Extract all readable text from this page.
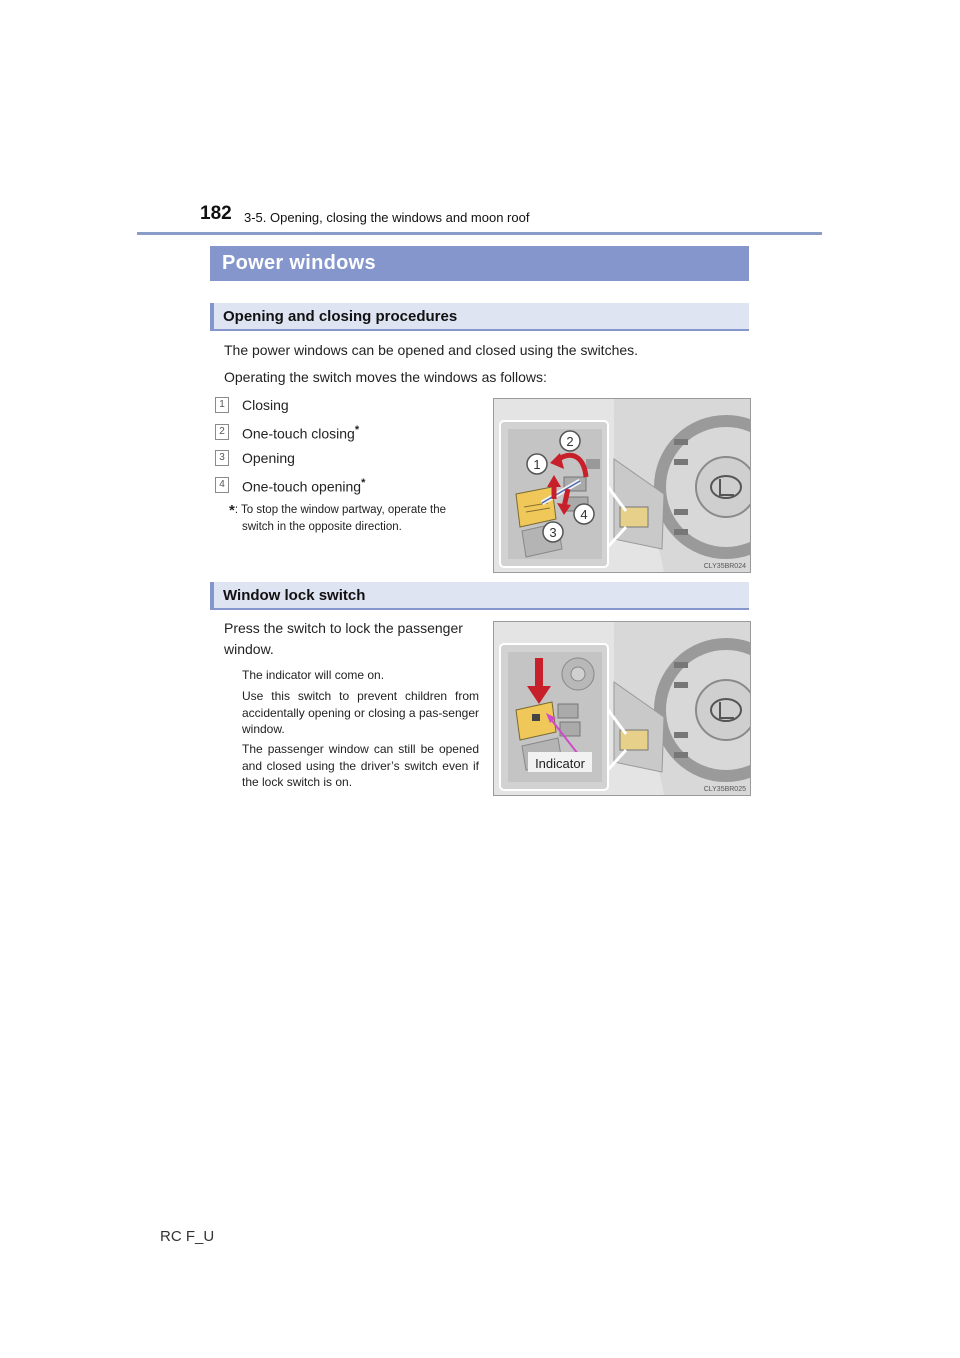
182 3-5. Opening, closing the windows and moon roof
Power windows
Opening and closing procedures
The power windows can be opened and closed using the switches.
Operating the switch moves the windows as follows:
1	Closing
2	One-touch closing*
3	Opening
4	One-touch opening*
*: To stop the window partway, operate the
switch in the opposite direction.
2
1
3
4
CLY35BR024
Window lock switch
Press the switch to lock the passenger
window.
The indicator will come on.
Use this switch to prevent children from accidentally opening or closing a pas-senger window.
The passenger window can still be opened and closed using the driver’s switch even if the lock switch is on.
Indicator
CLY35BR025
RC F_U
